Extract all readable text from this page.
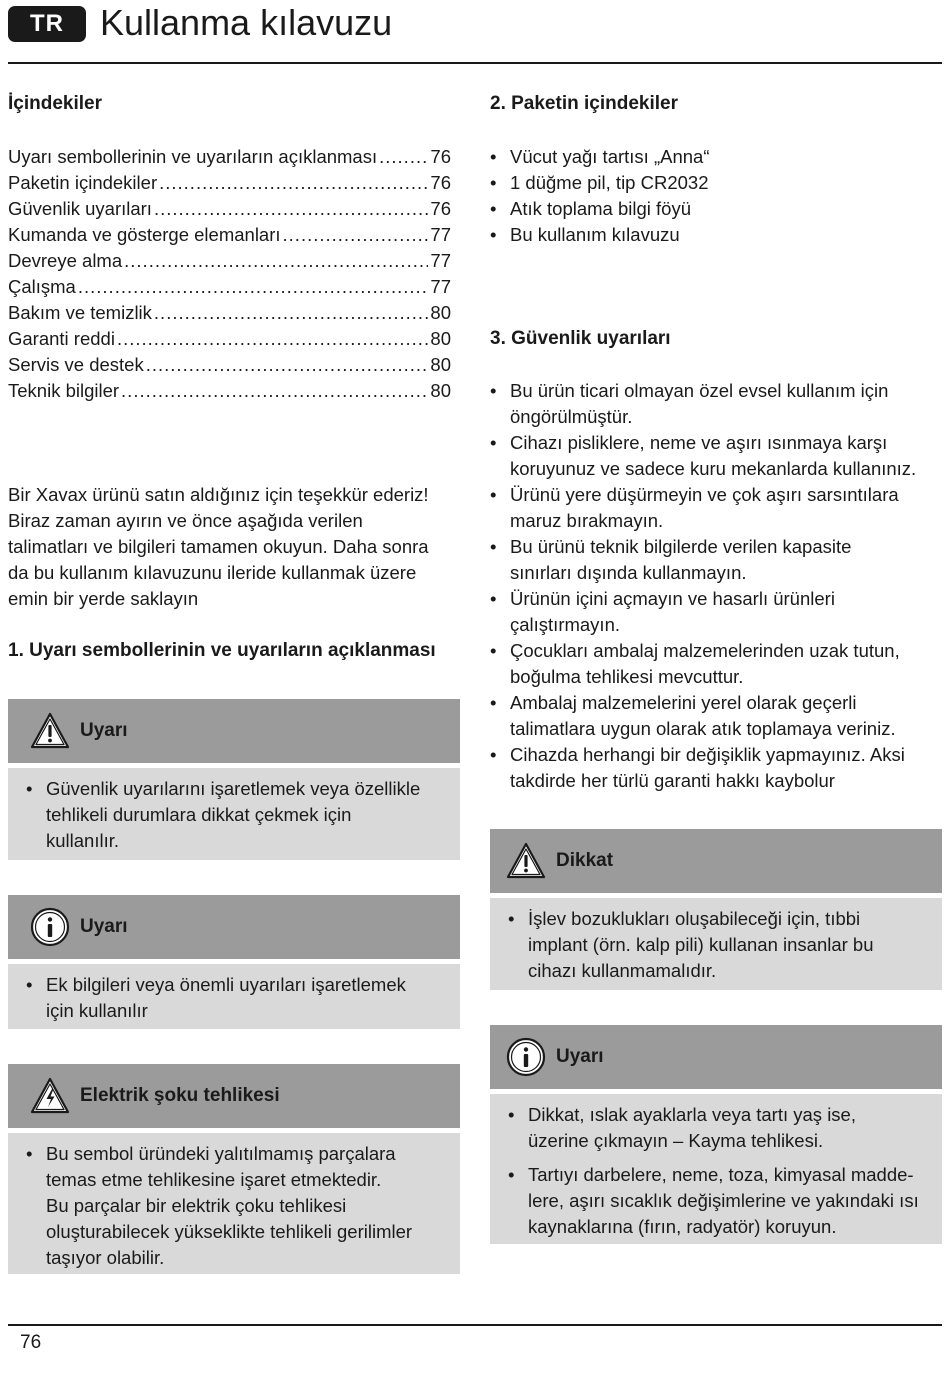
TR Kullanma kılavuzu
İçindekiler
Uyarı sembollerinin ve uyarıların açıklanması .....	76
Paketin içindekiler .....	76
Güvenlik uyarıları .....	76
Kumanda ve gösterge elemanları .....	77
Devreye alma .....	77
Çalışma .....	77
Bakım ve temizlik .....	80
Garanti reddi .....	80
Servis ve destek .....	80
Teknik bilgiler .....	80

Bir Xavax ürünü satın aldığınız için teşekkür ederiz!

Biraz zaman ayırın ve önce aşağıda verilen

talimatları ve bilgileri tamamen okuyun. Daha sonra

da bu kullanım kılavuzunu ileride kullanmak üzere

emin bir yerde saklayın

1. Uyarı sembollerinin ve uyarıların açıklanması
Uyarı
• Güvenlik uyarılarını işaretlemek veya özellikle
tehlikeli durumlara dikkat çekmek için
kullanılır.
Uyarı
• Ek bilgileri veya önemli uyarıları işaretlemek
için kullanılır
Elektrik şoku tehlikesi
• Bu sembol üründeki yalıtılmamış parçalara
temas etme tehlikesine işaret etmektedir.
Bu parçalar bir elektrik çoku tehlikesi
oluşturabilecek yükseklikte tehlikeli gerilimler
taşıyor olabilir.
2. Paketin içindekiler
• Vücut yağı tartısı „Anna“
• 1 düğme pil, tip CR2032
• Atık toplama bilgi föyü
• Bu kullanım kılavuzu
3. Güvenlik uyarıları
• Bu ürün ticari olmayan özel evsel kullanım için
öngörülmüştür.
• Cihazı pisliklere, neme ve aşırı ısınmaya karşı
koruyunuz ve sadece kuru mekanlarda kullanınız.
• Ürünü yere düşürmeyin ve çok aşırı sarsıntılara
maruz bırakmayın.
• Bu ürünü teknik bilgilerde verilen kapasite
sınırları dışında kullanmayın.
• Ürünün içini açmayın ve hasarlı ürünleri
çalıştırmayın.
• Çocukları ambalaj malzemelerinden uzak tutun,
boğulma tehlikesi mevcuttur.
• Ambalaj malzemelerini yerel olarak geçerli
talimatlara uygun olarak atık toplamaya veriniz.
• Cihazda herhangi bir değişiklik yapmayınız. Aksi
takdirde her türlü garanti hakkı kaybolur
Dikkat
• İşlev bozuklukları oluşabileceği için, tıbbi
implant (örn. kalp pili) kullanan insanlar bu
cihazı kullanmamalıdır.
Uyarı
• Dikkat, ıslak ayaklarla veya tartı yaş ise,
üzerine çıkmayın – Kayma tehlikesi.
• Tartıyı darbelere, neme, toza, kimyasal madde-
lere, aşırı sıcaklık değişimlerine ve yakındaki ısı
kaynaklarına (fırın, radyatör) koruyun.
76
